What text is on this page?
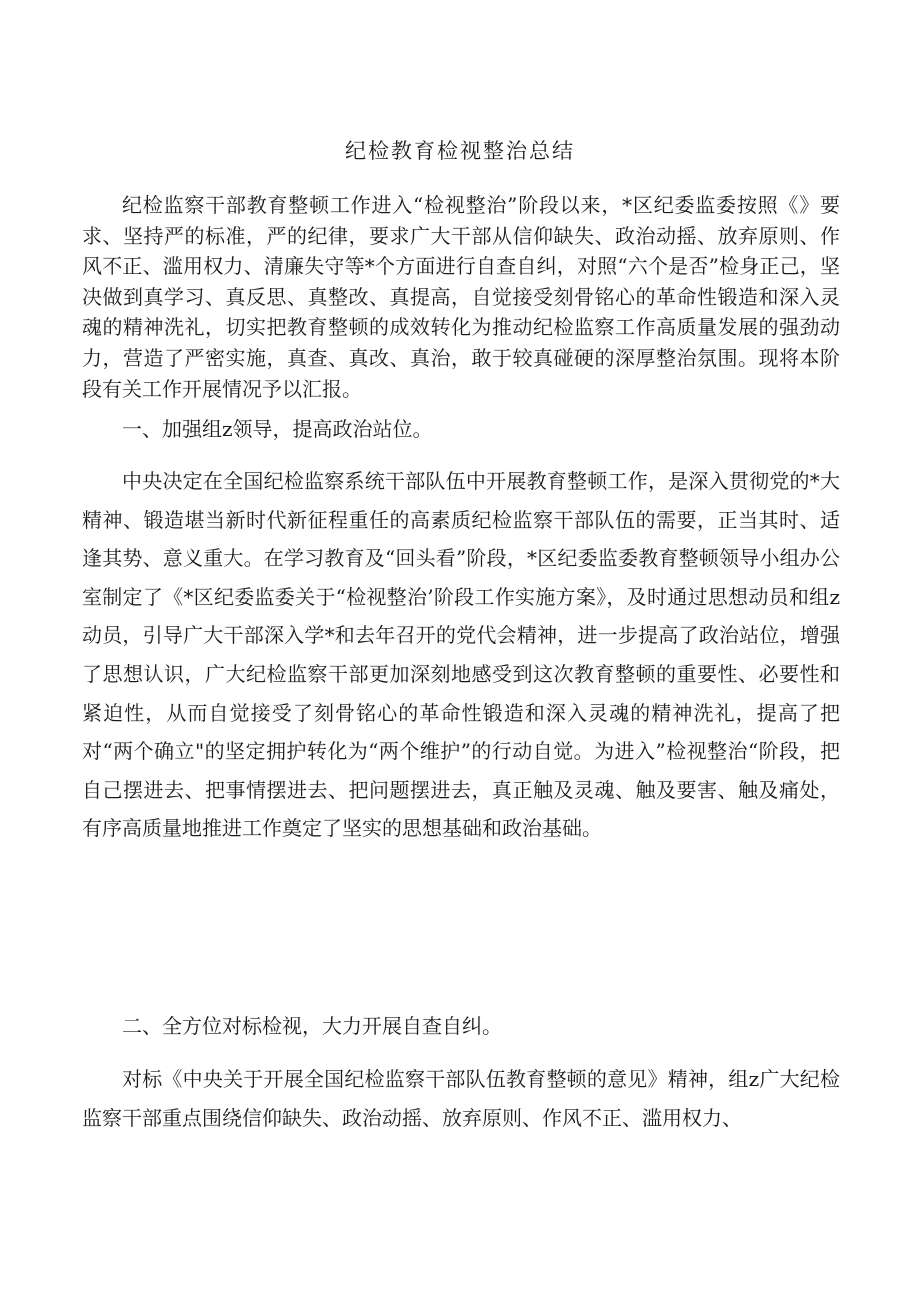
纪检教育检视整治总结

纪检监察干部教育整顿工作进入“检视整治”阶段以来，*区纪委监委按照《》要求、坚持严的标准，严的纪律，要求广大干部从信仰缺失、政治动摇、放弃原则、作风不正、滥用权力、清廉失守等*个方面进行自查自纠，对照“六个是否”检身正己，坚决做到真学习、真反思、真整改、真提高，自觉接受刻骨铭心的革命性锻造和深入灵魂的精神洗礼，切实把教育整顿的成效转化为推动纪检监察工作高质量发展的强劲动力，营造了严密实施，真查、真改、真治，敢于较真碰硬的深厚整治氛围。现将本阶段有关工作开展情况予以汇报。

一、加强组z领导，提高政治站位。

中央决定在全国纪检监察系统干部队伍中开展教育整顿工作，是深入贯彻党的*大精神、锻造堪当新时代新征程重任的高素质纪检监察干部队伍的需要，正当其时、适逢其势、意义重大。在学习教育及“回头看”阶段，*区纪委监委教育整顿领导小组办公室制定了《*区纪委监委关于“检视整治’阶段工作实施方案》，及时通过思想动员和组z动员，引导广大干部深入学*和去年召开的党代会精神，进一步提高了政治站位，增强了思想认识，广大纪检监察干部更加深刻地感受到这次教育整顿的重要性、必要性和紧迫性，从而自觉接受了刻骨铭心的革命性锻造和深入灵魂的精神洗礼，提高了把对“两个确立"的坚定拥护转化为“两个维护”的行动自觉。为进入”检视整治“阶段，把自己摆进去、把事情摆进去、把问题摆进去，真正触及灵魂、触及要害、触及痛处，有序高质量地推进工作奠定了坚实的思想基础和政治基础。

二、全方位对标检视，大力开展自查自纠。

对标《中央关于开展全国纪检监察干部队伍教育整顿的意见》精神，组z广大纪检监察干部重点围绕信仰缺失、政治动摇、放弃原则、作风不正、滥用权力、
